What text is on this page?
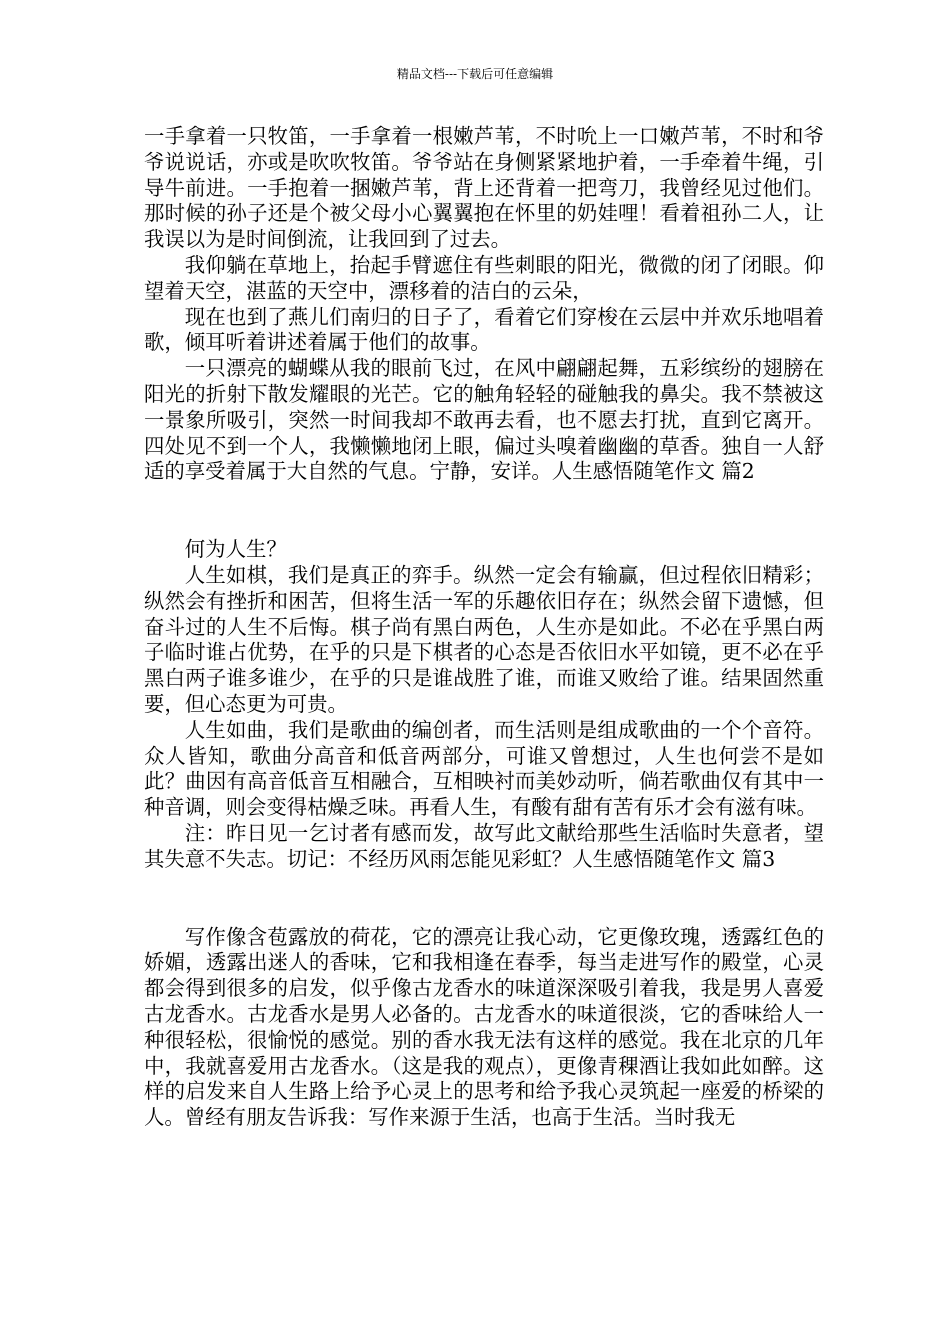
精品文档---下载后可任意编辑

一手拿着一只牧笛，一手拿着一根嫩芦苇，不时吮上一口嫩芦苇，不时和爷爷说说话，亦或是吹吹牧笛。爷爷站在身侧紧紧地护着，一手牵着牛绳，引导牛前进。一手抱着一捆嫩芦苇，背上还背着一把弯刀，我曾经见过他们。那时候的孙子还是个被父母小心翼翼抱在怀里的奶娃哩！看着祖孙二人，让我误以为是时间倒流，让我回到了过去。

我仰躺在草地上，抬起手臂遮住有些刺眼的阳光，微微的闭了闭眼。仰望着天空，湛蓝的天空中，漂移着的洁白的云朵，

现在也到了燕儿们南归的日子了，看着它们穿梭在云层中并欢乐地唱着歌，倾耳听着讲述着属于他们的故事。

一只漂亮的蝴蝶从我的眼前飞过，在风中翩翩起舞，五彩缤纷的翅膀在阳光的折射下散发耀眼的光芒。它的触角轻轻的碰触我的鼻尖。我不禁被这一景象所吸引，突然一时间我却不敢再去看，也不愿去打扰，直到它离开。四处见不到一个人，我懒懒地闭上眼，偏过头嗅着幽幽的草香。独自一人舒适的享受着属于大自然的气息。宁静，安详。人生感悟随笔作文 篇2

何为人生？

人生如棋，我们是真正的弈手。纵然一定会有输赢，但过程依旧精彩；纵然会有挫折和困苦，但将生活一军的乐趣依旧存在；纵然会留下遗憾，但奋斗过的人生不后悔。棋子尚有黑白两色，人生亦是如此。不必在乎黑白两子临时谁占优势，在乎的只是下棋者的心态是否依旧水平如镜，更不必在乎黑白两子谁多谁少，在乎的只是谁战胜了谁，而谁又败给了谁。结果固然重要，但心态更为可贵。

人生如曲，我们是歌曲的编创者，而生活则是组成歌曲的一个个音符。众人皆知，歌曲分高音和低音两部分，可谁又曾想过，人生也何尝不是如此？曲因有高音低音互相融合，互相映衬而美妙动听，倘若歌曲仅有其中一种音调，则会变得枯燥乏味。再看人生，有酸有甜有苦有乐才会有滋有味。

注：昨日见一乞讨者有感而发，故写此文献给那些生活临时失意者，望其失意不失志。切记：不经历风雨怎能见彩虹？人生感悟随笔作文 篇3

写作像含苞露放的荷花，它的漂亮让我心动，它更像玫瑰，透露红色的娇媚，透露出迷人的香味，它和我相逢在春季，每当走进写作的殿堂，心灵都会得到很多的启发，似乎像古龙香水的味道深深吸引着我，我是男人喜爱古龙香水。古龙香水是男人必备的。古龙香水的味道很淡，它的香味给人一种很轻松，很愉悦的感觉。别的香水我无法有这样的感觉。我在北京的几年中，我就喜爱用古龙香水。（这是我的观点），更像青稞酒让我如此如醉。这样的启发来自人生路上给予心灵上的思考和给予我心灵筑起一座爱的桥梁的人。曾经有朋友告诉我：写作来源于生活，也高于生活。当时我无
